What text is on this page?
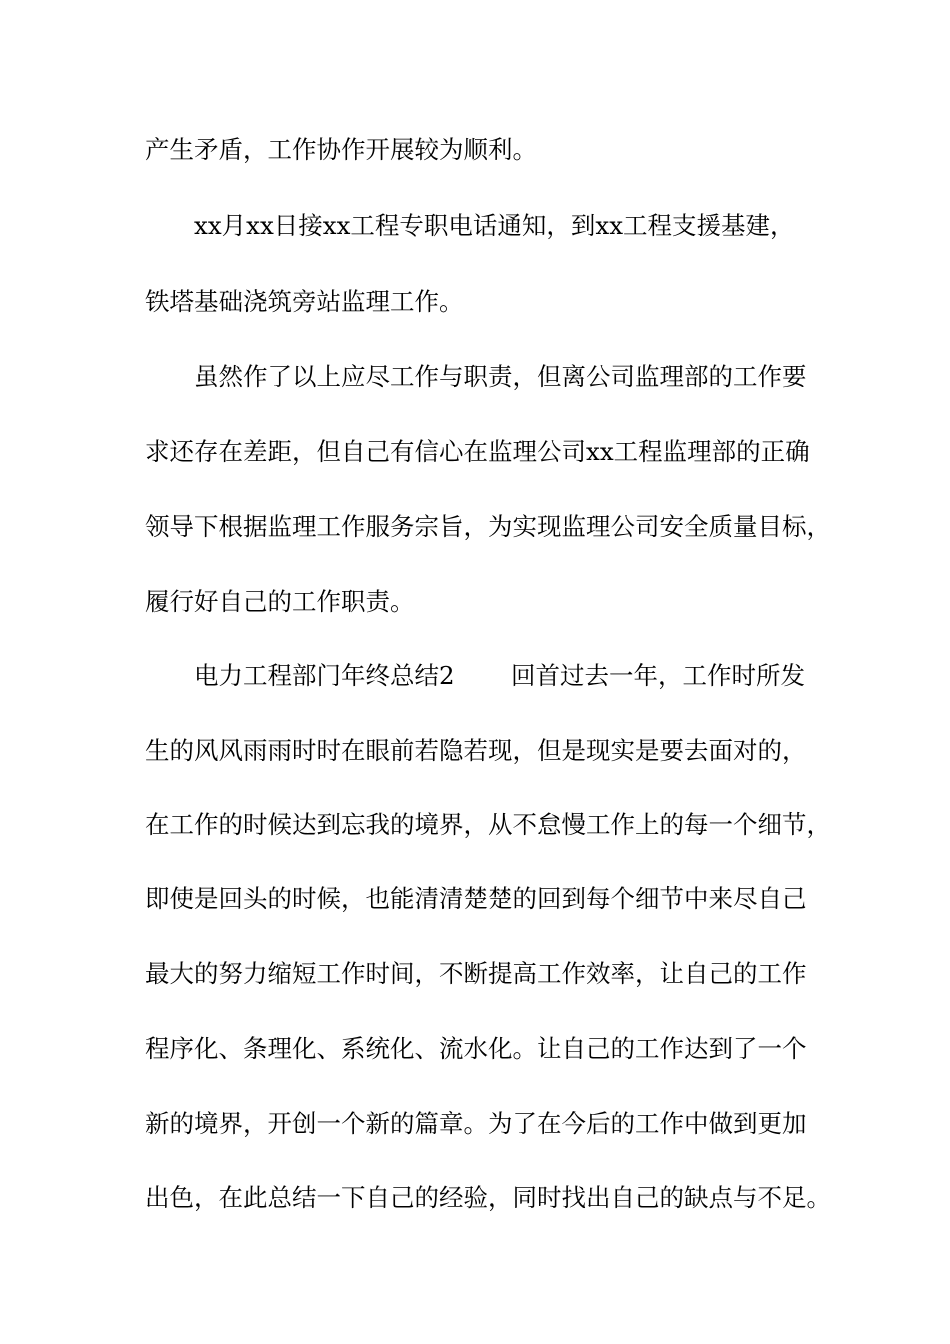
产生矛盾，工作协作开展较为顺利。
xx月xx日接xx工程专职电话通知，到xx工程支援基建，
铁塔基础浇筑旁站监理工作。
虽然作了以上应尽工作与职责，但离公司监理部的工作要
求还存在差距，但自己有信心在监理公司xx工程监理部的正确
领导下根据监理工作服务宗旨，为实现监理公司安全质量目标，
履行好自己的工作职责。
电力工程部门年终总结2 回首过去一年，工作时所发
生的风风雨雨时时在眼前若隐若现，但是现实是要去面对的，
在工作的时候达到忘我的境界，从不怠慢工作上的每一个细节，
即使是回头的时候，也能清清楚楚的回到每个细节中来尽自己
最大的努力缩短工作时间，不断提高工作效率，让自己的工作
程序化、条理化、系统化、流水化。让自己的工作达到了一个
新的境界，开创一个新的篇章。为了在今后的工作中做到更加
出色，在此总结一下自己的经验，同时找出自己的缺点与不足。
